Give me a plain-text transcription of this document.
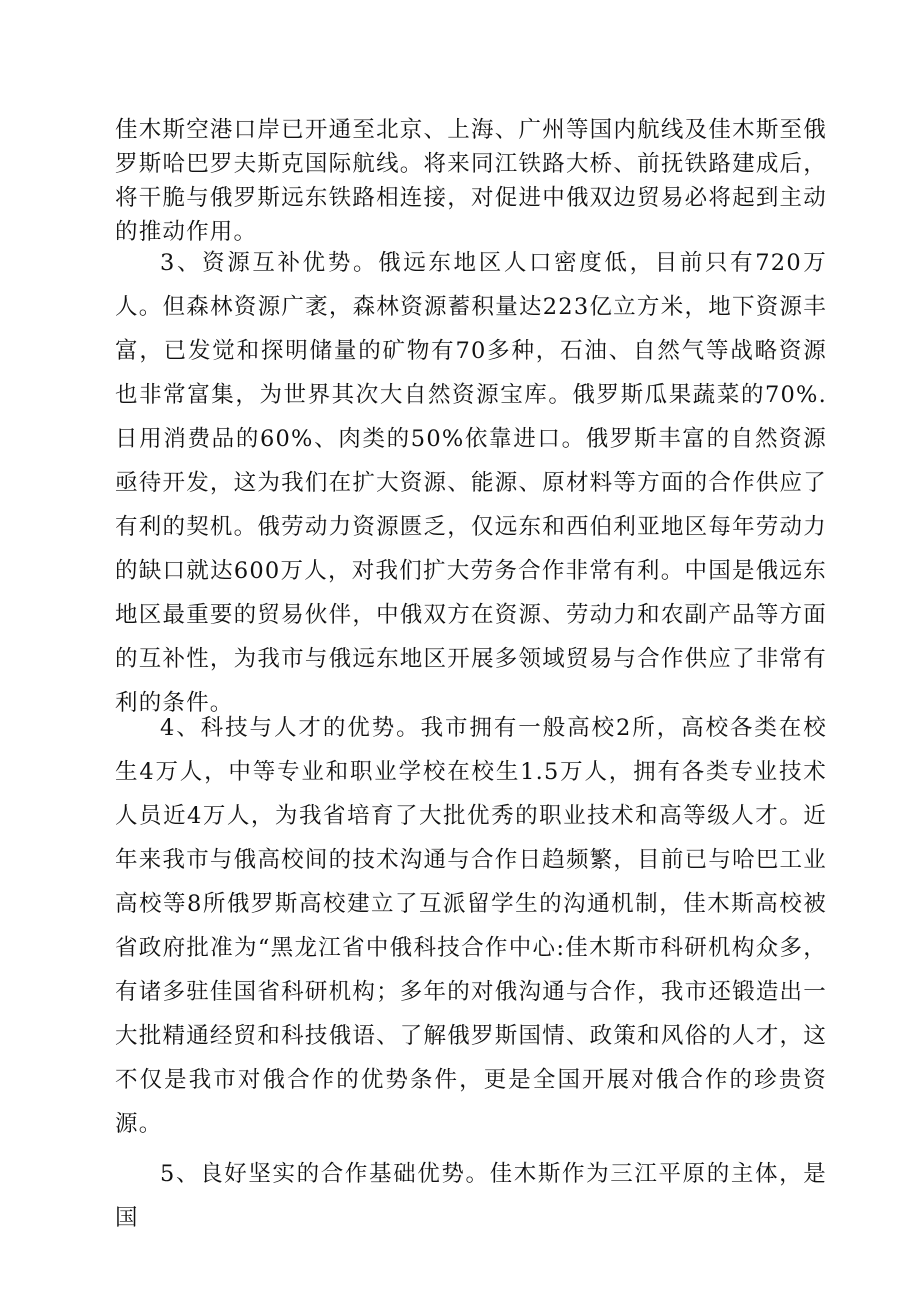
佳木斯空港口岸已开通至北京、上海、广州等国内航线及佳木斯至俄罗斯哈巴罗夫斯克国际航线。将来同江铁路大桥、前抚铁路建成后，将干脆与俄罗斯远东铁路相连接，对促进中俄双边贸易必将起到主动的推动作用。

3、资源互补优势。俄远东地区人口密度低，目前只有720万人。但森林资源广袤，森林资源蓄积量达223亿立方米，地下资源丰富，已发觉和探明储量的矿物有70多种，石油、自然气等战略资源也非常富集，为世界其次大自然资源宝库。俄罗斯瓜果蔬菜的70%.日用消费品的60%、肉类的50%依靠进口。俄罗斯丰富的自然资源亟待开发，这为我们在扩大资源、能源、原材料等方面的合作供应了有利的契机。俄劳动力资源匮乏，仅远东和西伯利亚地区每年劳动力的缺口就达600万人，对我们扩大劳务合作非常有利。中国是俄远东地区最重要的贸易伙伴，中俄双方在资源、劳动力和农副产品等方面的互补性，为我市与俄远东地区开展多领域贸易与合作供应了非常有利的条件。

4、科技与人才的优势。我市拥有一般高校2所，高校各类在校生4万人，中等专业和职业学校在校生1.5万人，拥有各类专业技术人员近4万人，为我省培育了大批优秀的职业技术和高等级人才。近年来我市与俄高校间的技术沟通与合作日趋频繁，目前已与哈巴工业高校等8所俄罗斯高校建立了互派留学生的沟通机制，佳木斯高校被省政府批准为“黑龙江省中俄科技合作中心:佳木斯市科研机构众多，有诸多驻佳国省科研机构；多年的对俄沟通与合作，我市还锻造出一大批精通经贸和科技俄语、了解俄罗斯国情、政策和风俗的人才，这不仅是我市对俄合作的优势条件，更是全国开展对俄合作的珍贵资源。

5、良好坚实的合作基础优势。佳木斯作为三江平原的主体，是国
